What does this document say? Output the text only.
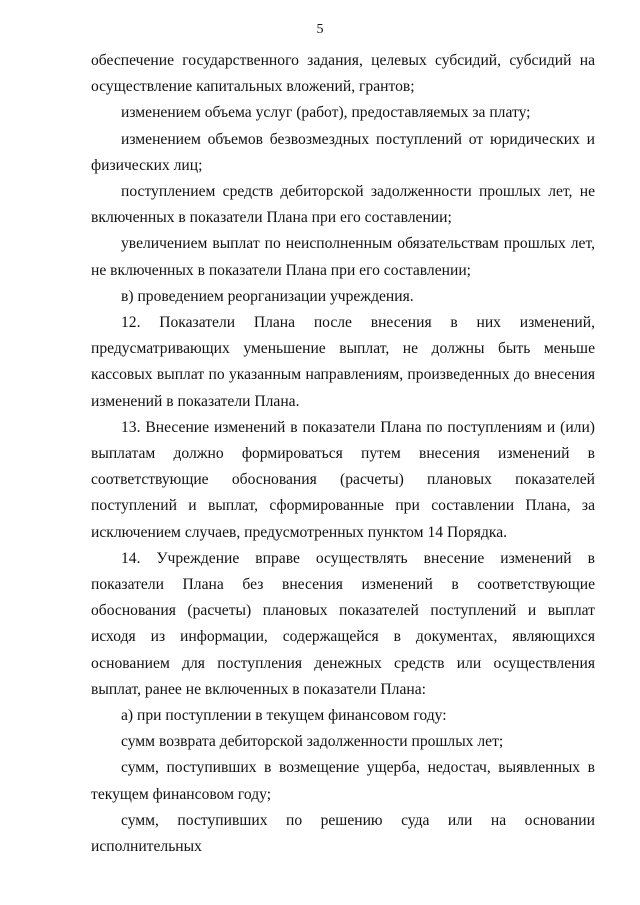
5

обеспечение государственного задания, целевых субсидий, субсидий на осуществление капитальных вложений, грантов;

изменением объема услуг (работ), предоставляемых за плату;

изменением объемов безвозмездных поступлений от юридических и физических лиц;

поступлением средств дебиторской задолженности прошлых лет, не включенных в показатели Плана при его составлении;

увеличением выплат по неисполненным обязательствам прошлых лет, не включенных в показатели Плана при его составлении;

в) проведением реорганизации учреждения.

12. Показатели Плана после внесения в них изменений, предусматривающих уменьшение выплат, не должны быть меньше кассовых выплат по указанным направлениям, произведенных до внесения изменений в показатели Плана.

13. Внесение изменений в показатели Плана по поступлениям и (или) выплатам должно формироваться путем внесения изменений в соответствующие обоснования (расчеты) плановых показателей поступлений и выплат, сформированные при составлении Плана, за исключением случаев, предусмотренных пунктом 14 Порядка.

14. Учреждение вправе осуществлять внесение изменений в показатели Плана без внесения изменений в соответствующие обоснования (расчеты) плановых показателей поступлений и выплат исходя из информации, содержащейся в документах, являющихся основанием для поступления денежных средств или осуществления выплат, ранее не включенных в показатели Плана:

а) при поступлении в текущем финансовом году:

сумм возврата дебиторской задолженности прошлых лет;

сумм, поступивших в возмещение ущерба, недостач, выявленных в текущем финансовом году;

сумм, поступивших по решению суда или на основании исполнительных
